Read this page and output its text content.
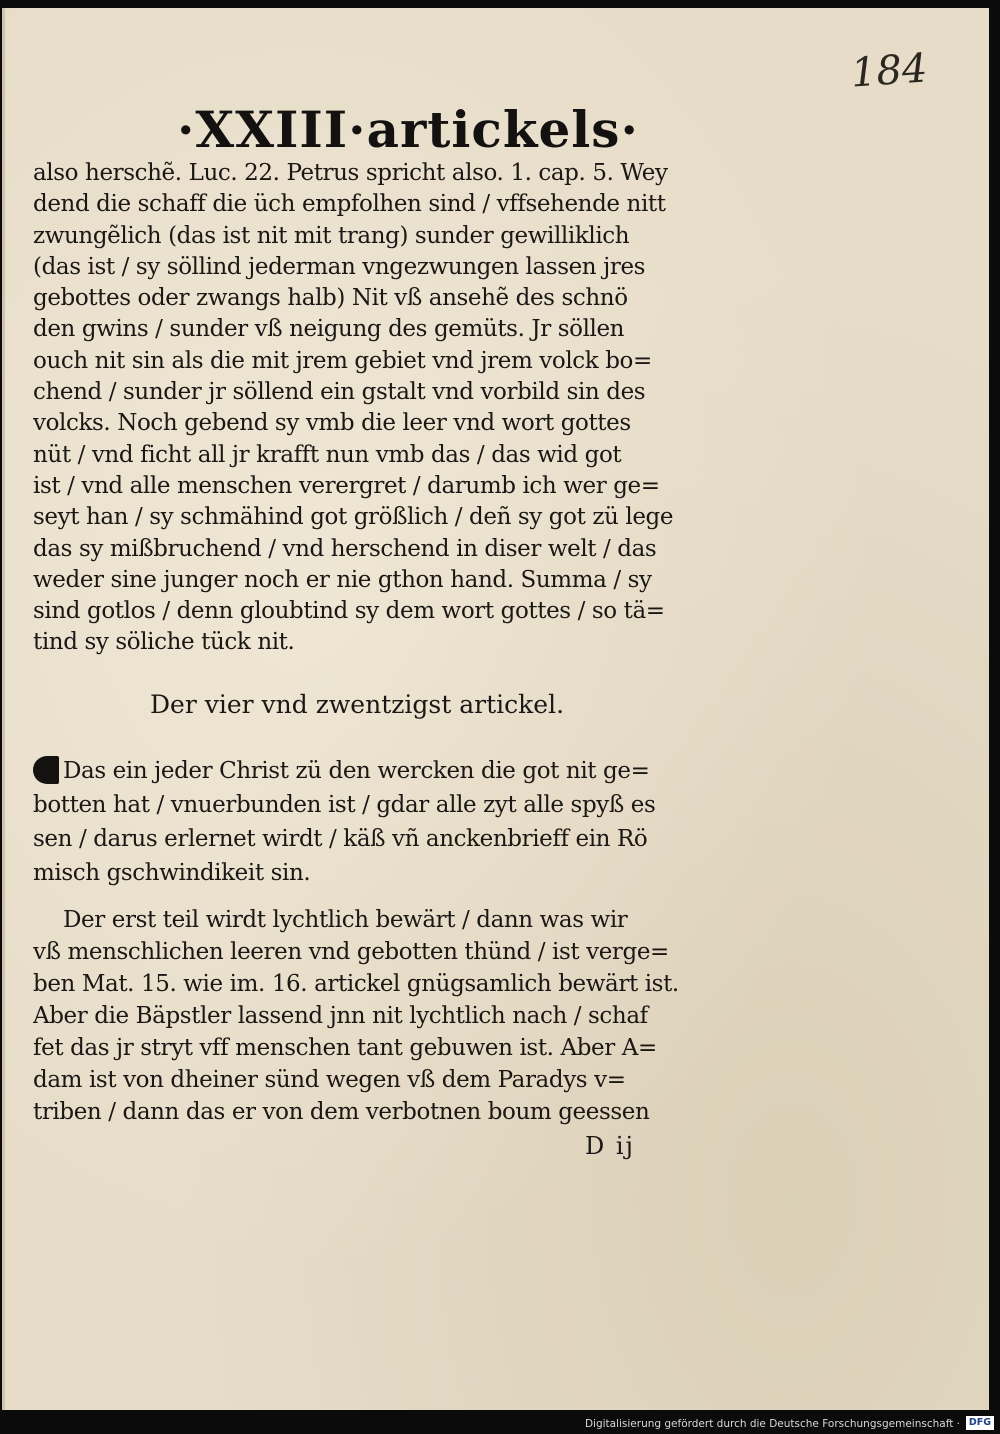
184
·XXIII·artickels·
also herschẽ. Luc. 22. Petrus spricht also. 1. cap. 5. Wey
dend die schaff die üch empfolhen sind / vffsehende nitt
zwungẽlich (das ist nit mit trang) sunder gewilliklich
(das ist / sy söllind jederman vngezwungen lassen jres
gebottes oder zwangs halb) Nit vß ansehẽ des schnö
den gwins / sunder vß neigung des gemüts. Jr söllen
ouch nit sin als die mit jrem gebiet vnd jrem volck bo=
chend / sunder jr söllend ein gstalt vnd vorbild sin des
volcks. Noch gebend sy vmb die leer vnd wort gottes
nüt / vnd ficht all jr krafft nun vmb das / das wid got
ist / vnd alle menschen verergret / darumb ich wer ge=
seyt han / sy schmähind got größlich / deñ sy got zü lege
das sy mißbruchend / vnd herschend in diser welt / das
weder sine junger noch er nie gthon hand. Summa / sy
sind gotlos / denn gloubtind sy dem wort gottes / so tä=
tind sy söliche tück nit.
Der vier vnd zwentzigst artickel.
Das ein jeder Christ zü den wercken die got nit ge=
botten hat / vnuerbunden ist / gdar alle zyt alle spyß es
sen / darus erlernet wirdt / käß vñ anckenbrieff ein Rö
misch gschwindikeit sin.
Der erst teil wirdt lychtlich bewärt / dann was wir
vß menschlichen leeren vnd gebotten thünd / ist verge=
ben Mat. 15. wie im. 16. artickel gnügsamlich bewärt ist.
Aber die Bäpstler lassend jnn nit lychtlich nach / schaf
fet das jr stryt vff menschen tant gebuwen ist. Aber A=
dam ist von dheiner sünd wegen vß dem Paradys v=
triben / dann das er von dem verbotnen boum geessen
D ij
Digitalisierung gefördert durch die Deutsche Forschungsgemeinschaft · DFG
